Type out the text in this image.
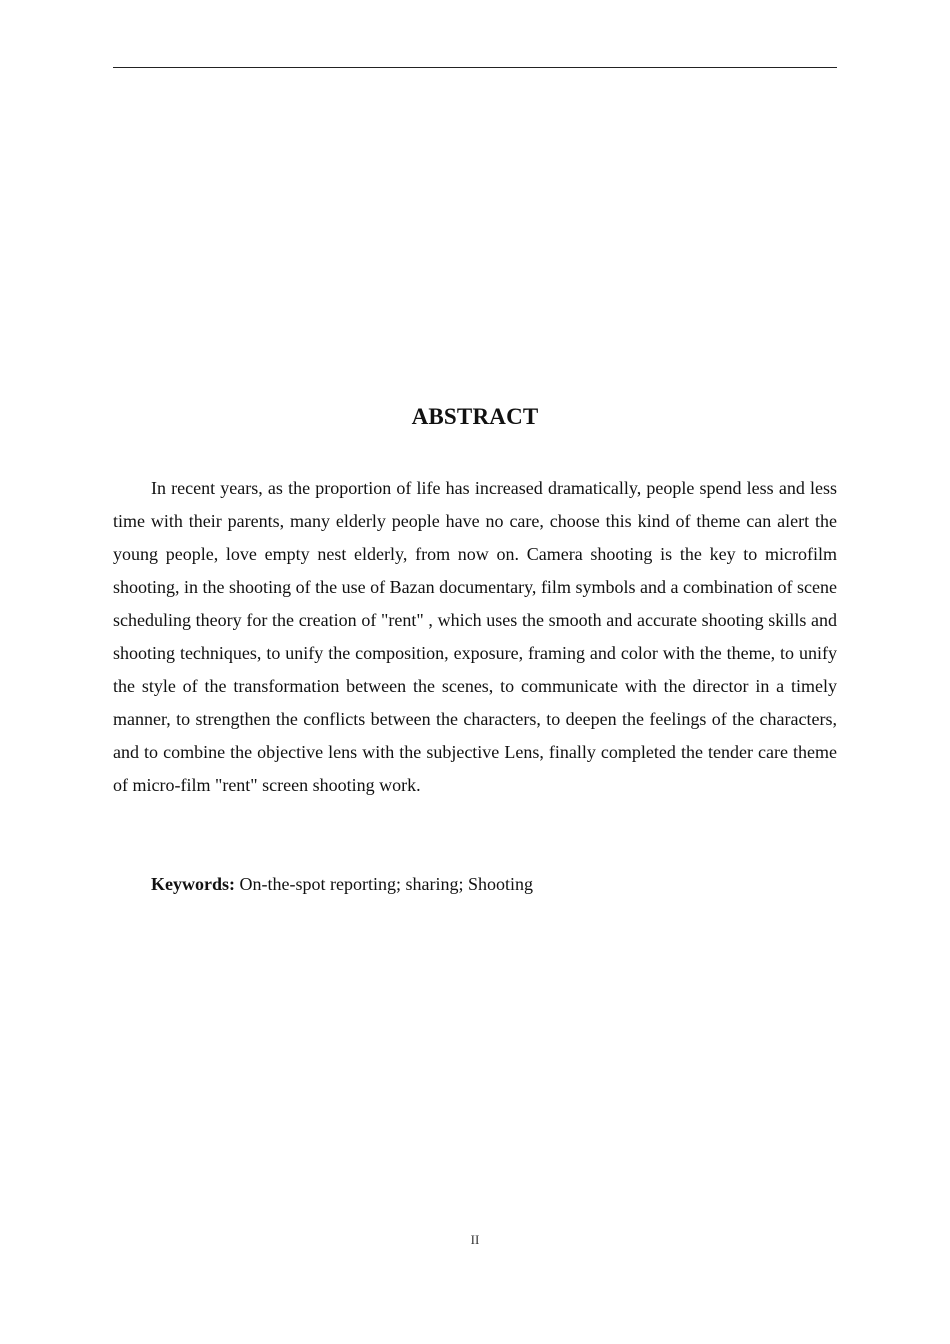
ABSTRACT

In recent years, as the proportion of life has increased dramatically, people spend less and less time with their parents, many elderly people have no care, choose this kind of theme can alert the young people, love empty nest elderly, from now on. Camera shooting is the key to microfilm shooting, in the shooting of the use of Bazan documentary, film symbols and a combination of scene scheduling theory for the creation of "rent" , which uses the smooth and accurate shooting skills and shooting techniques, to unify the composition, exposure, framing and color with the theme, to unify the style of the transformation between the scenes, to communicate with the director in a timely manner, to strengthen the conflicts between the characters, to deepen the feelings of the characters, and to combine the objective lens with the subjective Lens, finally completed the tender care theme of micro-film "rent" screen shooting work.

Keywords: On-the-spot reporting; sharing; Shooting

II
